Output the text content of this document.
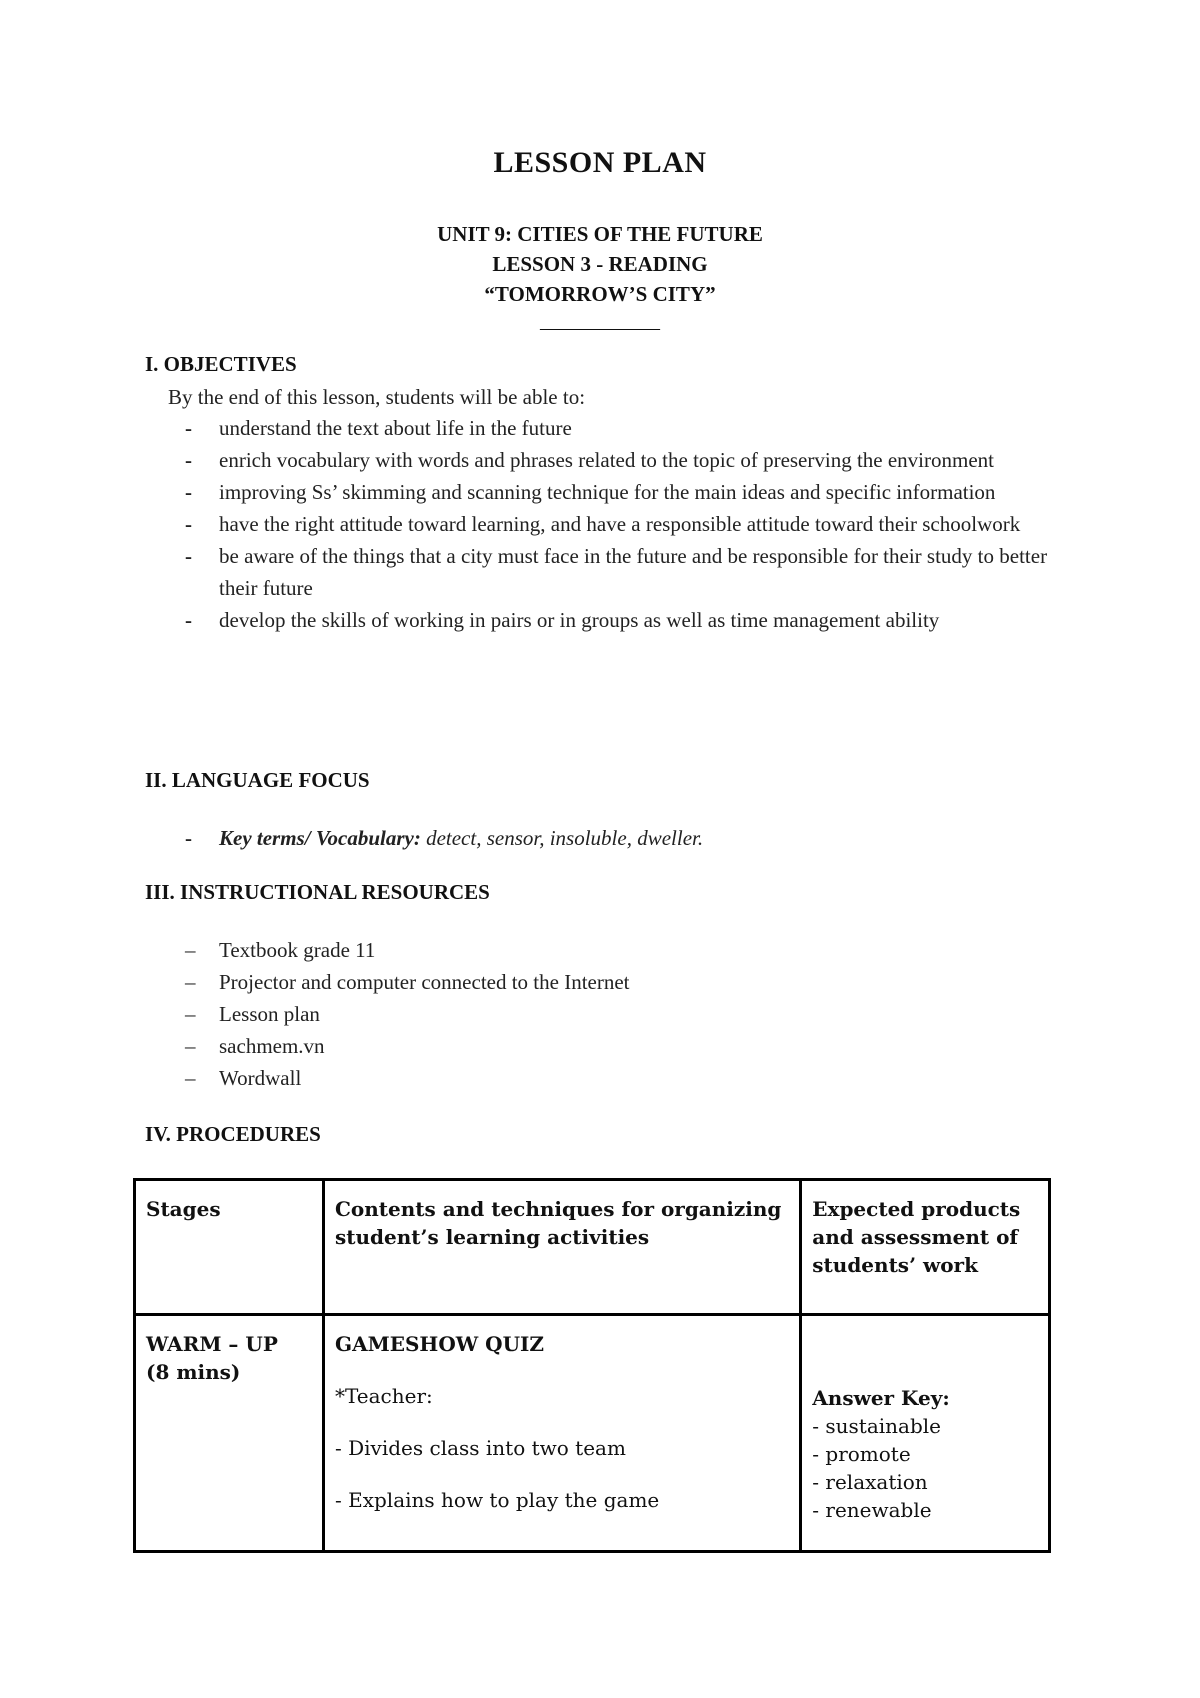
LESSON PLAN
UNIT 9: CITIES OF THE FUTURE
LESSON 3 - READING
“TOMORROW’S CITY”
――――――
I. OBJECTIVES
By the end of this lesson, students will be able to:
- understand the text about life in the future
- enrich vocabulary with words and phrases related to the topic of preserving the environment
- improving Ss’ skimming and scanning technique for the main ideas and specific information
- have the right attitude toward learning, and have a responsible attitude toward their schoolwork
- be aware of the things that a city must face in the future and be responsible for their study to better their future
- develop the skills of working in pairs or in groups as well as time management ability
II. LANGUAGE FOCUS
- Key terms/ Vocabulary: detect, sensor, insoluble, dweller.
III. INSTRUCTIONAL RESOURCES
– Textbook grade 11
– Projector and computer connected to the Internet
– Lesson plan
– sachmem.vn
– Wordwall
IV. PROCEDURES
Stages	Contents and techniques for organizing student’s learning activities	Expected products and assessment of students’ work

WARM – UP
(8 mins)	GAMESHOW QUIZ
*Teacher:
- Divides class into two team
- Explains how to play the game	Answer Key:
- sustainable
- promote
- relaxation
- renewable
